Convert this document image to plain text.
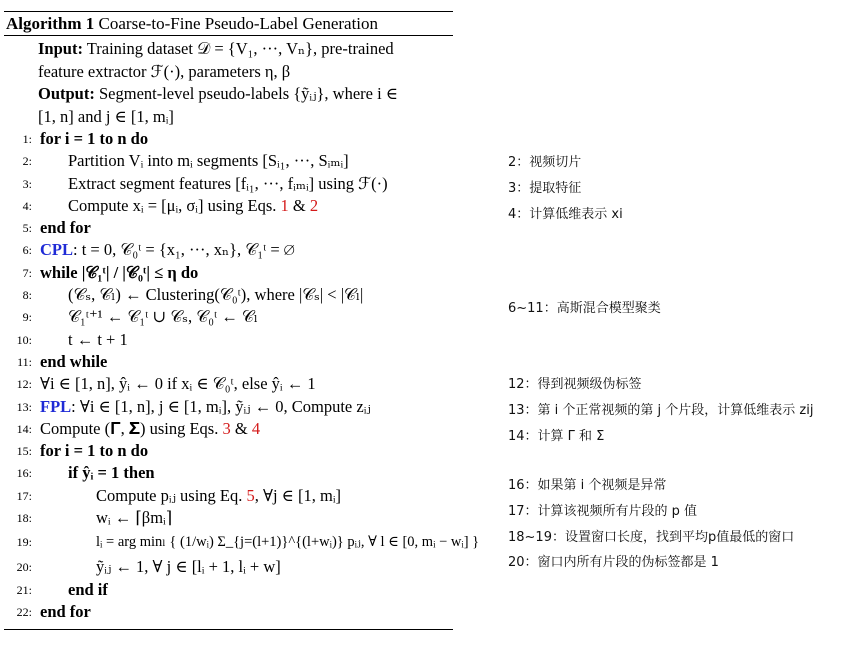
Algorithm 1 Coarse-to-Fine Pseudo-Label Generation
Input: Training dataset 𝒟 = {V₁, ···, Vₙ}, pre-trained
feature extractor ℱ(·), parameters η, β
Output: Segment-level pseudo-labels {ỹᵢⱼ}, where i ∈
[1, n] and j ∈ [1, mᵢ]
1: for i = 1 to n do
2: Partition Vᵢ into mᵢ segments [Sᵢ₁, ···, Sᵢₘᵢ]
3: Extract segment features [fᵢ₁, ···, fᵢₘᵢ] using ℱ(·)
4: Compute xᵢ = [μᵢ, σᵢ] using Eqs. 1 & 2
5: end for
6: CPL: t = 0, 𝒞₀ᵗ = {x₁, ···, xₙ}, 𝒞₁ᵗ = ∅
7: while |𝒞₁ᵗ| / |𝒞₀ᵗ| ≤ η do
8: (𝒞ₛ, 𝒞ₗ) ← Clustering(𝒞₀ᵗ), where |𝒞ₛ| < |𝒞ₗ|
9: 𝒞₁ᵗ⁺¹ ← 𝒞₁ᵗ ∪ 𝒞ₛ, 𝒞₀ᵗ ← 𝒞ₗ
10: t ← t + 1
11: end while
12: ∀i ∈ [1, n], ŷᵢ ← 0 if xᵢ ∈ 𝒞₀ᵗ, else ŷᵢ ← 1
13: FPL: ∀i ∈ [1, n], j ∈ [1, mᵢ], ỹᵢⱼ ← 0, Compute zᵢⱼ
14: Compute (𝚪, 𝚺) using Eqs. 3 & 4
15: for i = 1 to n do
16: if ŷᵢ = 1 then
17:	Compute pᵢⱼ using Eq. 5, ∀j ∈ [1, mᵢ]
18:	wᵢ ← ⌈βmᵢ⌉
19:	lᵢ = arg minₗ { (1/wᵢ) Σ_{j=(l+1)}^{(l+wᵢ)} pᵢⱼ, ∀ l ∈ [0, mᵢ − wᵢ] }
20:	ỹᵢⱼ ← 1, ∀ j ∈ [lᵢ + 1, lᵢ + w]
21: end if
22: end for
2：视频切片
3：提取特征
4：计算低维表示 xi
6~11：高斯混合模型聚类
12：得到视频级伪标签
13：第 i 个正常视频的第 j 个片段，计算低维表示 zij
14：计算 Γ 和 Σ
16：如果第 i 个视频是异常
17：计算该视频所有片段的 p 值
18~19：设置窗口长度，找到平均p值最低的窗口
20：窗口内所有片段的伪标签都是 1
